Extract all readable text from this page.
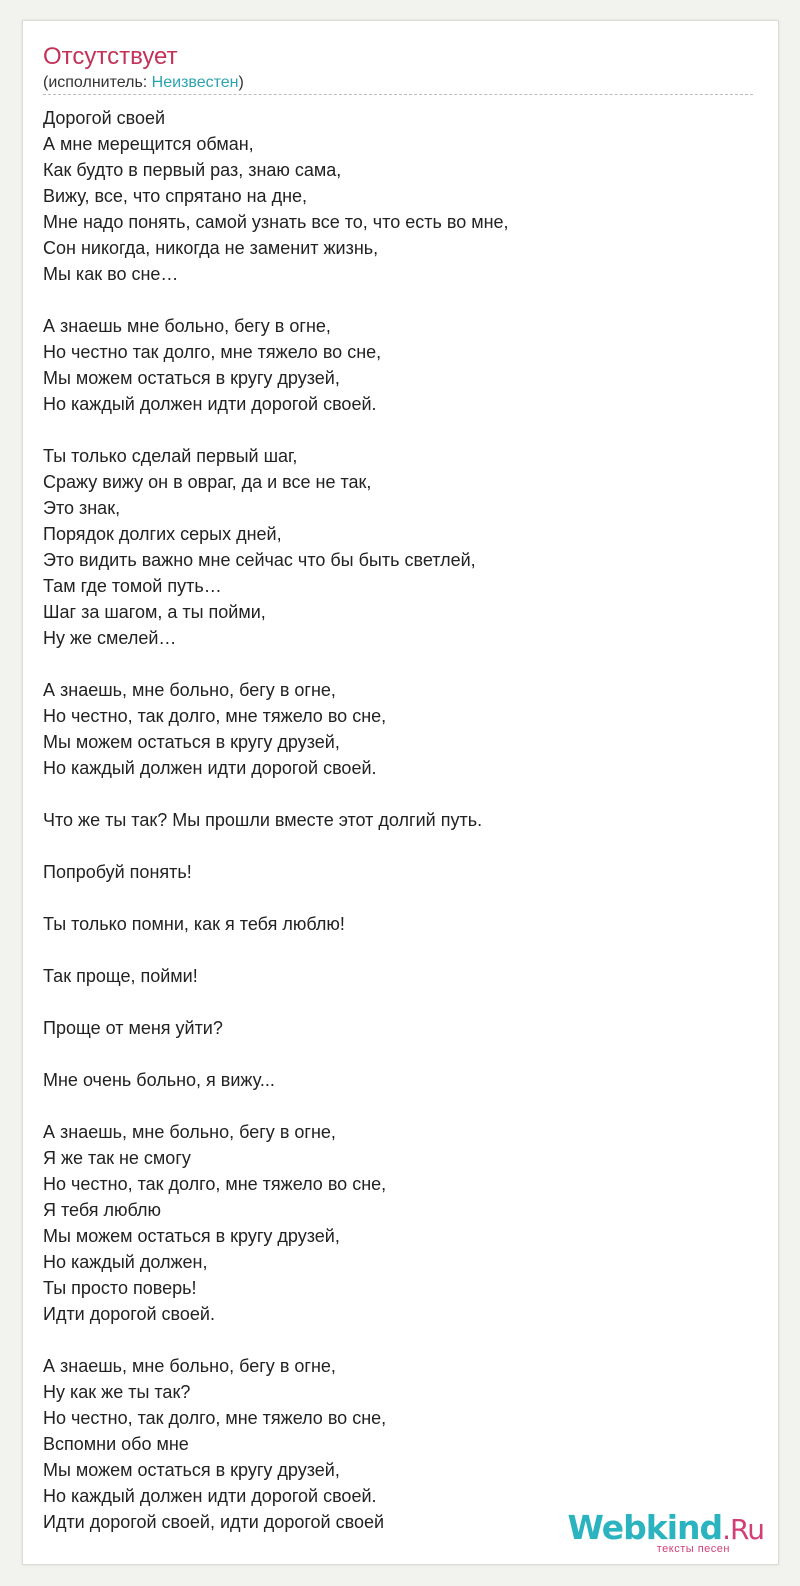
Отсутствует
(исполнитель: Неизвестен)
Дорогой своей
А мне мерещится обман,
Как будто в первый раз, знаю сама,
Вижу, все, что спрятано на дне,
Мне надо понять, самой узнать все то, что есть во мне,
Сон никогда, никогда не заменит жизнь,
Мы как во сне…

А знаешь мне больно, бегу в огне,
Но честно так долго, мне тяжело во сне,
Мы можем остаться в кругу друзей,
Но каждый должен идти дорогой своей.

Ты только сделай первый шаг,
Сражу вижу он в овраг, да и все не так,
Это знак,
Порядок долгих серых дней,
Это видить важно мне сейчас что бы быть светлей,
Там где томой путь…
Шаг за шагом, а ты пойми,
Ну же смелей…

А знаешь, мне больно, бегу в огне,
Но честно, так долго, мне тяжело во сне,
Мы можем остаться в кругу друзей,
Но каждый должен идти дорогой своей.

Что же ты так? Мы прошли вместе этот долгий путь.

Попробуй понять!

Ты только помни, как я тебя люблю!

Так проще, пойми!

Проще от меня уйти?

Мне очень больно, я вижу...

А знаешь, мне больно, бегу в огне,
Я же так не смогу
Но честно, так долго, мне тяжело во сне,
Я тебя люблю
Мы можем остаться в кругу друзей,
Но каждый должен,
Ты просто поверь!
Идти дорогой своей.

А знаешь, мне больно, бегу в огне,
Ну как же ты так?
Но честно, так долго, мне тяжело во сне,
Вспомни обо мне
Мы можем остаться в кругу друзей,
Но каждый должен идти дорогой своей.
Идти дорогой своей, идти дорогой своей	Webkind.Ru
тексты песен
